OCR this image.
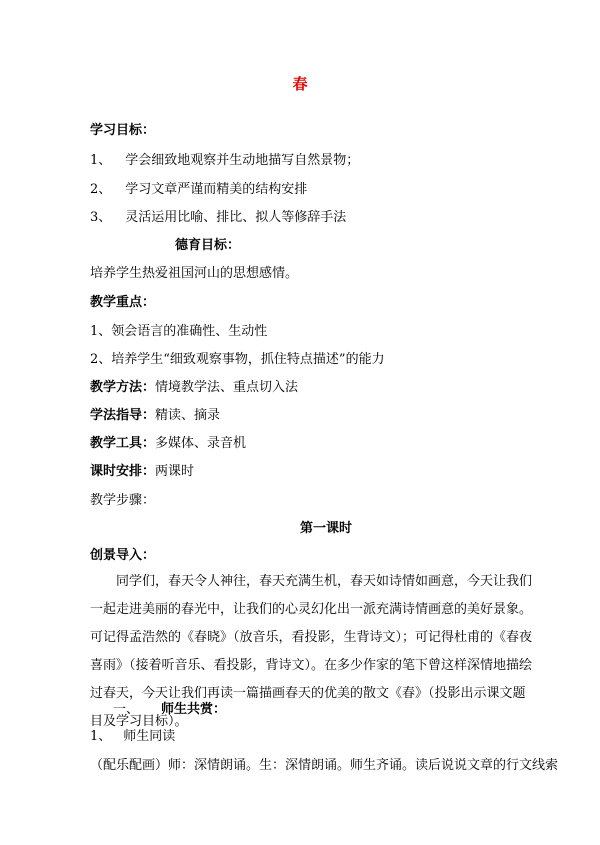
春
学习目标：
1、 学会细致地观察并生动地描写自然景物；
2、 学习文章严谨而精美的结构安排
3、 灵活运用比喻、排比、拟人等修辞手法
德育目标：
培养学生热爱祖国河山的思想感情。
教学重点：
1、领会语言的准确性、生动性
2、培养学生“细致观察事物，抓住特点描述”的能力
教学方法：情境教学法、重点切入法
学法指导：精读、摘录
教学工具：多媒体、录音机
课时安排：两课时
教学步骤：
第一课时
创景导入：
同学们，春天令人神往，春天充满生机，春天如诗情如画意，今天让我们一起走进美丽的春光中，让我们的心灵幻化出一派充满诗情画意的美好景象。可记得孟浩然的《春晓》（放音乐，看投影，生背诗文）；可记得杜甫的《春夜喜雨》（接着听音乐、看投影，背诗文）。在多少作家的笔下曾这样深情地描绘过春天，今天让我们再读一篇描画春天的优美的散文《春》（投影出示课文题目及学习目标）。
一、 师生共赏：
1、 师生同读
（配乐配画）师：深情朗诵。生：深情朗诵。师生齐诵。读后说说文章的行文线索
